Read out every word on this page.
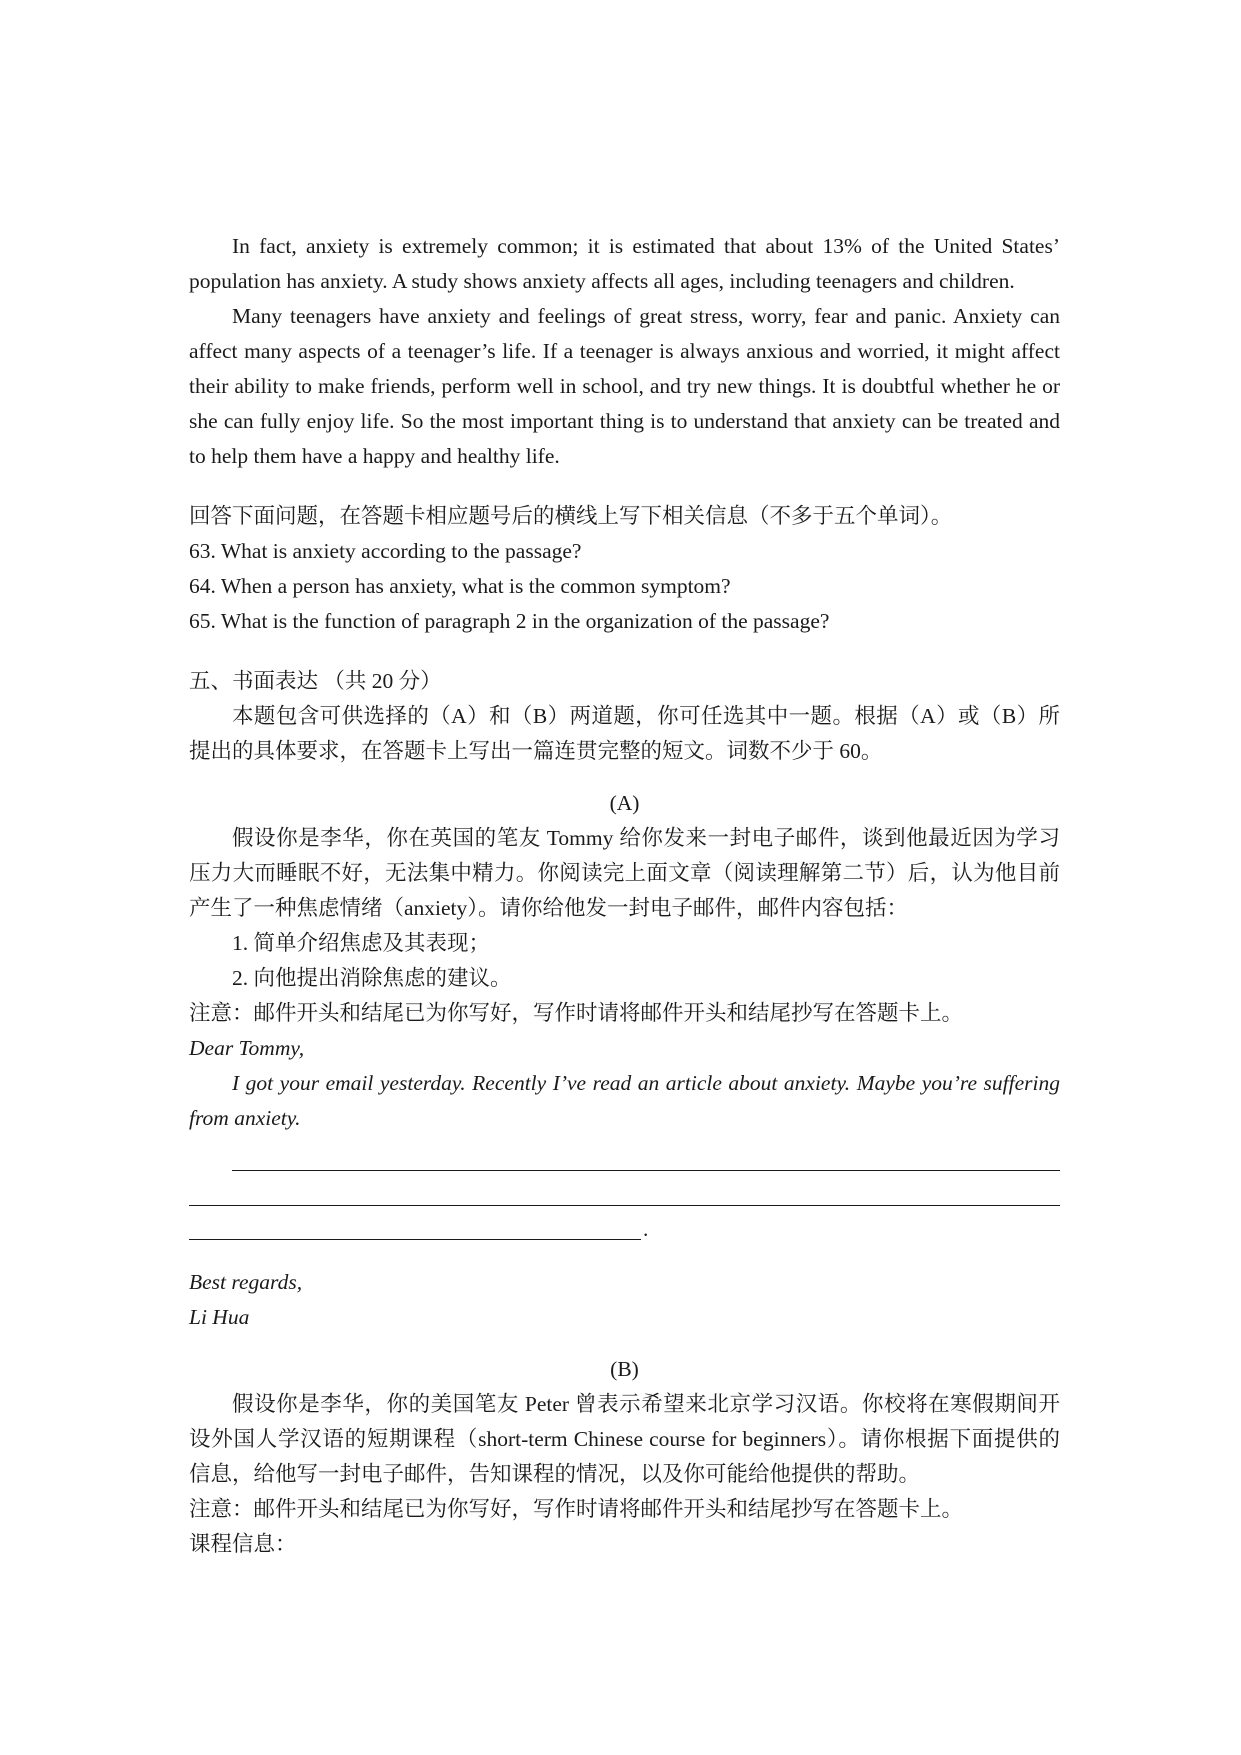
In fact, anxiety is extremely common; it is estimated that about 13% of the United States’ population has anxiety. A study shows anxiety affects all ages, including teenagers and children.

Many teenagers have anxiety and feelings of great stress, worry, fear and panic. Anxiety can affect many aspects of a teenager’s life. If a teenager is always anxious and worried, it might affect their ability to make friends, perform well in school, and try new things. It is doubtful whether he or she can fully enjoy life. So the most important thing is to understand that anxiety can be treated and to help them have a happy and healthy life.

回答下面问题，在答题卡相应题号后的横线上写下相关信息（不多于五个单词）。

63. What is anxiety according to the passage?

64. When a person has anxiety, what is the common symptom?

65. What is the function of paragraph 2 in the organization of the passage?

五、书面表达 （共 20 分）

本题包含可供选择的（A）和（B）两道题，你可任选其中一题。根据（A）或（B）所提出的具体要求，在答题卡上写出一篇连贯完整的短文。词数不少于 60。

(A)

假设你是李华，你在英国的笔友 Tommy 给你发来一封电子邮件，谈到他最近因为学习压力大而睡眠不好，无法集中精力。你阅读完上面文章（阅读理解第二节）后，认为他目前产生了一种焦虑情绪（anxiety）。请你给他发一封电子邮件，邮件内容包括：

1. 简单介绍焦虑及其表现；

2. 向他提出消除焦虑的建议。

注意：邮件开头和结尾已为你写好，写作时请将邮件开头和结尾抄写在答题卡上。

Dear Tommy,

I got your email yesterday. Recently I’ve read an article about anxiety. Maybe you’re suffering from anxiety.

.

Best regards,

Li Hua

(B)

假设你是李华，你的美国笔友 Peter 曾表示希望来北京学习汉语。你校将在寒假期间开设外国人学汉语的短期课程（short-term Chinese course for beginners）。请你根据下面提供的信息，给他写一封电子邮件，告知课程的情况，以及你可能给他提供的帮助。

注意：邮件开头和结尾已为你写好，写作时请将邮件开头和结尾抄写在答题卡上。

课程信息：
